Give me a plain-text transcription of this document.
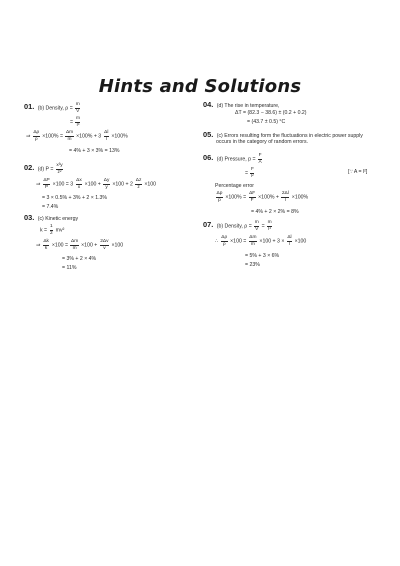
Hints and Solutions
01. (b) Density, $\rho = \frac{m}{V}$
= $\frac{m}{\text{l³}}$
⇒ $\frac{\Delta\rho}{\rho} \times 100\% = \frac{\Delta m}{m} \times 100\% + 3 \frac{\Delta l}{l} \times 100\%$
= 4% + 3 × 3% = 13%
02. (d) $P = \frac{\text{x³y}}{\text{z²}}$
⇒ $\frac{\Delta P}{P} \times 100 = 3 \frac{\Delta x}{x} \times 100 + \frac{\Delta y}{y} \times 100 + 2 \frac{\Delta z}{z} \times 100$
= 3 × 0.5% + 3% + 2 × 1.3%
= 7.4%
03. (c) Kinetic energy
$k = \frac{1}{2} mv^2$
⇒ $\frac{\Delta k}{k} \times 100 = \frac{\Delta m}{m} \times 100 + \frac{2\Delta v}{v} \times 100$
= 3% + 2 × 4%
= 11%
04. (d) The rise in temperature,
ΔT = (82.3 − 38.6) ± (0.2 + 0.2)
= (43.7 ± 0.5) °C
05. (c) Errors resulting form the fluctuations in electric power supply
occurs in the category of random errors.
06. (d) Pressure, $p = \frac{F}{A}$
= $\frac{F}{\text{l²}}$	[∵ A = l²]
Percentage error
$\frac{\Delta p}{p} \times 100\% = \frac{\Delta F}{F} \times 100\% + \frac{2\Delta l}{l} \times 100\%$
= 4% + 2 × 2% = 8%
07. (b) Density, $\rho = \frac{m}{V} = \frac{m}{\text{l³}}$
∴ $\frac{\Delta\rho}{\rho} \times 100 = \frac{\Delta m}{m} \times 100 + 3 \times \frac{\Delta l}{l} \times 100$
= 5% + 3 × 6%
= 23%
